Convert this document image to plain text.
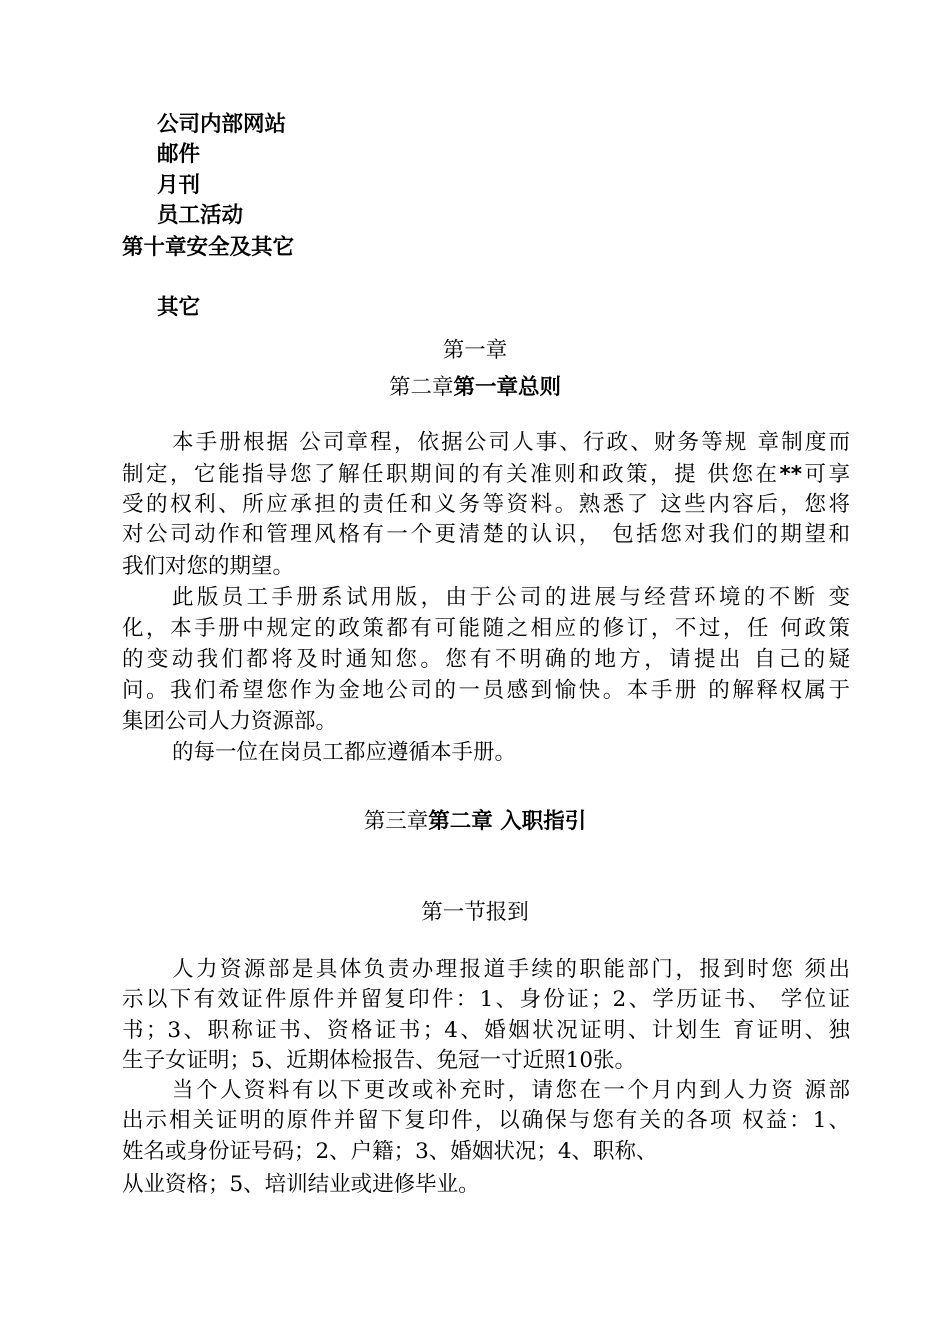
公司内部网站
邮件
月刊
员工活动
第十章安全及其它
其它
第一章
第二章第一章总则
本手册根据 公司章程，依据公司人事、行政、财务等规 章制度而
制定，它能指导您了解任职期间的有关准则和政策，提 供您在**可享
受的权利、所应承担的责任和义务等资料。熟悉了 这些内容后，您将
对公司动作和管理风格有一个更清楚的认识， 包括您对我们的期望和
我们对您的期望。
此版员工手册系试用版，由于公司的进展与经营环境的不断 变
化，本手册中规定的政策都有可能随之相应的修订，不过，任 何政策
的变动我们都将及时通知您。您有不明确的地方，请提出 自己的疑
问。我们希望您作为金地公司的一员感到愉快。本手册 的解释权属于
集团公司人力资源部。
的每一位在岗员工都应遵循本手册。
第三章第二章 入职指引
第一节报到
人力资源部是具体负责办理报道手续的职能部门，报到时您 须出
示以下有效证件原件并留复印件：1、身份证；2、学历证书、 学位证
书；3、职称证书、资格证书；4、婚姻状况证明、计划生 育证明、独
生子女证明；5、近期体检报告、免冠一寸近照10张。
当个人资料有以下更改或补充时，请您在一个月内到人力资 源部
出示相关证明的原件并留下复印件，以确保与您有关的各项 权益：1、
姓名或身份证号码；2、户籍；3、婚姻状况；4、职称、
从业资格；5、培训结业或进修毕业。
